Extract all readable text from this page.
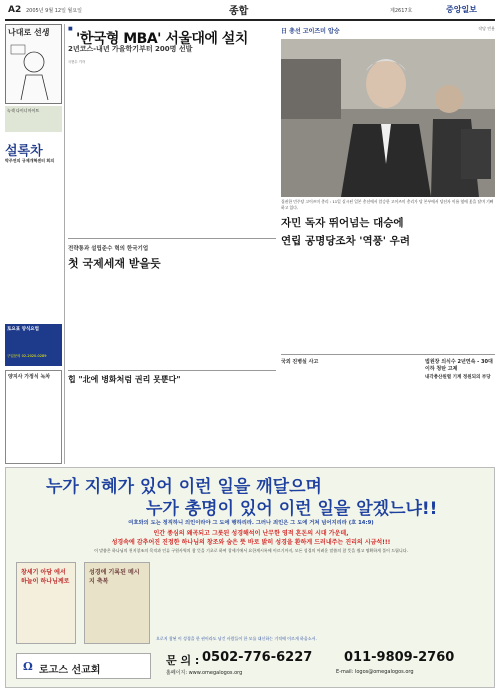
A2 2005년 9월 12일 월요일	종합	제2617호	중앙일보
나대로 선생
녹색 다이너마이트
설록차
박주연의 규제개혁센터 회의
토요표 양식요법
구입문의 02-2020-0289
양지사 가정식 녹차
■
'한국형 MBA' 서울대에 설치
2년코스-내년 가을학기부터 200명 선발
국현수 기자
전략통과 설립준수 혁의 한국기업
첫 국제세재 받을듯
힙 "北에 병화처럼 권리 못뿐다"
日 총선 고이즈미 압승	작당 빈용
집권한 민주당 고이즈미 총리 : 11일 실시된 일본 총선에서 압승한 고이즈미 총리가 당 본부에서 당선자 이름 옆에 꽃을 달며 기뻐하고 있다.
자민 독자 뛰어넘는 대승에
연립 공명당조차 '역풍' 우려
국외 진병실 사고	법원장 의식수 2년연속 - 30대 이하 청탄 고제
내각총산원렬 기계 정원되의 부당
누가 지혜가 있어 이런 일을 깨달으며
누가 총명이 있어 이런 일을 알겠느냐!!
여호와의 도는 정직하니 의인이라야 그 도에 행하리라. 그러나 죄인은 그 도에 거쳐 넘어지리라 (호 14:9)
인간 종심의 왜곡되고 그릇된 성경해석이 난무한 영적 혼돈의 시대 가운데,
성경속에 감추어진 진정한 하나님의 창조와 숨은 뜻 바로 밝히 성경을 환하게 드러내주는 진리의 시금석!!!
이 말씀은 하나님의 천지창조의 목적과 인류 구원사역의 참 뜻을 기초로 하여 창세기에서 요한계시록에 이르기까지, 모든 성경의 어려운 말씀의 참 뜻을 쉽고 명확하게 풀어 드립니다.
창세기 아담 에서 하늘이 하나님께로
성경에 기록된 메시지 축복
오로지 참된 이 성경을 한 권이라도 남긴 사람들이 한 모를 대신하는 기적에 이르게 하옵소서.
Ω 로고스 선교회
문 의 : 0502-776-6227 011-9809-2760
홈페이지: www.omegalogos.org	E-mail: logos@omegalogos.org
